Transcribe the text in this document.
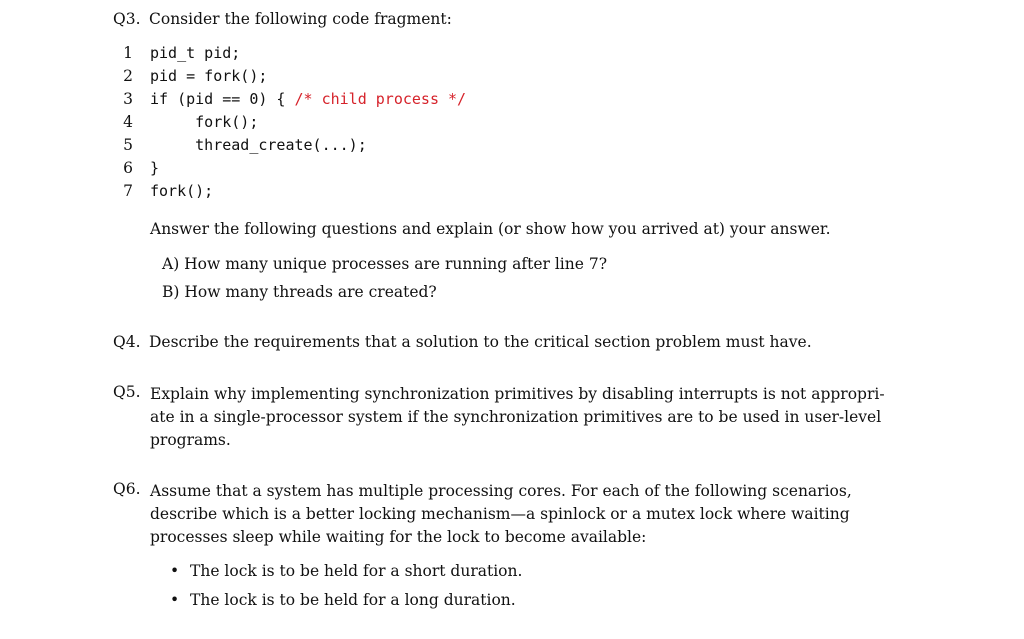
Q3. Consider the following code fragment:
1 pid_t pid;
2 pid = fork();
3 if (pid == 0) { /* child process */
4     fork();
5     thread_create(...);
6 }
7 fork();
Answer the following questions and explain (or show how you arrived at) your answer.
A) How many unique processes are running after line 7?
B) How many threads are created?
Q4. Describe the requirements that a solution to the critical section problem must have.
Q5. Explain why implementing synchronization primitives by disabling interrupts is not appropri-
ate in a single-processor system if the synchronization primitives are to be used in user-level
programs.
Q6. Assume that a system has multiple processing cores. For each of the following scenarios,
describe which is a better locking mechanism—a spinlock or a mutex lock where waiting
processes sleep while waiting for the lock to become available:
• The lock is to be held for a short duration.
• The lock is to be held for a long duration.
